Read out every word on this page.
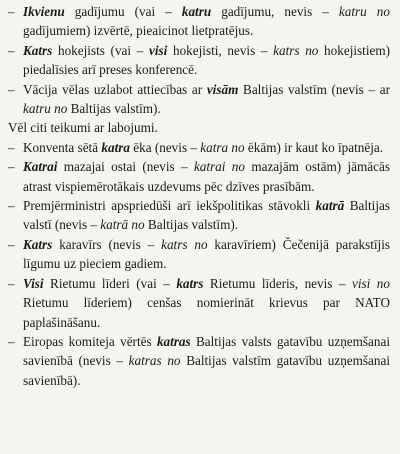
– Ikvienu gadījumu (vai – katru gadījumu, nevis – katru no gadījumiem) izvērtē, pieaicinot lietpratējus.

– Katrs hokejists (vai – visi hokejisti, nevis – katrs no hokejistiem) piedalīsies arī preses konferencē.

– Vācija vēlas uzlabot attiecības ar visām Baltijas valstīm (nevis – ar katru no Baltijas valstīm).

Vēl citi teikumi ar labojumi.

– Konventa sētā katra ēka (nevis – katra no ēkām) ir kaut ko īpatnēja.

– Katrai mazajai ostai (nevis – katrai no mazajām ostām) jāmācās atrast vispiemērotākais uzdevums pēc dzīves prasībām.

– Premjērministri apspriedūši arī iekšpolitikas stāvokli katrā Baltijas valstī (nevis – katrā no Baltijas valstīm).

– Katrs karavīrs (nevis – katrs no karavīriem) Čečenijā parakstījis līgumu uz pieciem gadiem.

– Visi Rietumu līderi (vai – katrs Rietumu līderis, nevis – visi no Rietumu līderiem) cenšas nomierināt krievus par NATO paplašināšanu.

– Eiropas komiteja vērtēs katras Baltijas valsts gatavību uzņemšanai savienībā (nevis – katras no Baltijas valstīm gatavību uzņemšanai savienībā).
